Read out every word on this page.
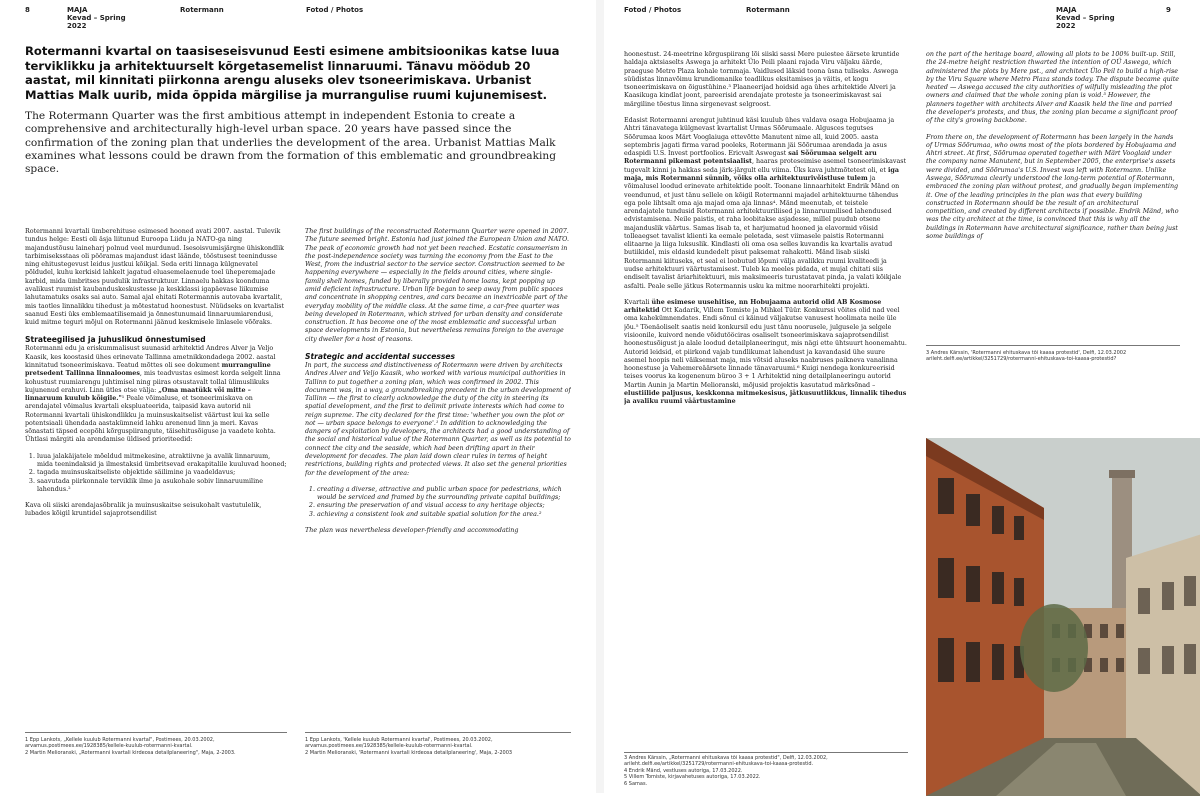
8	MAJA
Kevad – Spring
2022
Rotermann	Fotod / Photos

Rotermanni kvartal on taasiseseisvunud Eesti esimene ambitsioonikas katse luua terviklikku ja arhitektuurselt kõrgetasemelist linnaruumi. Tänavu möödub 20 aastat, mil kinnitati piirkonna arengu aluseks olev tsoneerimiskava. Urbanist Mattias Malk uurib, mida õppida märgilise ja murrangulise ruumi kujunemisest.

The Rotermann Quarter was the first ambitious attempt in independent Estonia to create a comprehensive and architecturally high-level urban space. 20 years have passed since the confirmation of the zoning plan that underlies the development of the area. Urbanist Mattias Malk examines what lessons could be drawn from the formation of this emblematic and groundbreaking space.

Rotermanni kvartali ümberehituse esimesed hooned avati 2007. aastal. Tulevik tundus helge: Eesti oli äsja liitunud Euroopa Liidu ja NATO-ga ning majandustõusu laineharj polnud veel murdunud. Isesoisvumisjärgne ühiskondlik tarbimiseksstaas oli pööramas majandust idast läände, tööstusest teenindusse ning ehitustegevust leidus justkui kõikjal. Seda eriti linnaga külgnevatel põldudel, kuhu kerkisid lahkelt jagatud eluasemelaenude toel üheperemajade karbid, mida ümbritses puudulik infrastruktuur. Linnaelu hakkas koonduma avalikust ruumist kaubanduskeskustesse ja keskklassi igapäevase liikumise lahutamatuks osaks sai auto. Samal ajal ehitati Rotermannis autovaba kvartalit, mis taotles linnalikku tihedust ja mõtestatud hoonestust. Nüüdseks on kvartalist saanud Eesti üks emblemaatilisemaid ja õnnestunumaid linnaruumiarendusi, kuid mitme teguri mõjul on Rotermanni jäänud keskmisele linlasele võõraks.

Strateegilised ja juhuslikud õnnestumised

Rotermanni edu ja eriskummalisust suunasid arhitektid Andres Alver ja Veljo Kaasik, kes koostasid ühes erinevate Tallinna ametnikkondadega 2002. aastal kinnitatud tsoneerimiskava. Teatud mõttes oli see dokument murranguline pretsedent Tallinna linnaloomes, mis teadvustas esimest korda selgelt linna kohustust ruumiarengu juhtimisel ning piiras otsustavalt tollal ülimuslikuks kujunenud erahuvi. Linn ütles otse välja: „Oma maatükk või mitte – linnaruum kuulub kõigile."¹ Peale võimaluse, et tsoneerimiskava on arendajatel võimalus kvartali ekspluateerida, taipasid kava autorid nii Rotermanni kvartali ühiskondlikku ja muinsuskaitselist väärtust kui ka selle potentsiaali ühendada aastakümneid lahku arenenud linn ja meri. Kavas sõnastati täpsed ecepõhi kõrguspiirangute, täisehitusõiguse ja vaadete kohta. Ühtlasi märgiti ala arendamise üldised prioriteedid:

1. luua jalakäijatele mõeldud mitmekesine, atraktiivne ja avalik linnaruum, mida teenindaksid ja ilmestaksid ümbritsevad erakapitalile kuuluvad hooned;
2. tagada muinsuskaitseliste objektide säilimine ja vaadeldavus;
3. saavutada piirkonnale terviklik ilme ja asukohale sobiv linnaruumiline lahendus.²

Kava oli siiski arendajasõbralik ja muinsuskaitse seisukohalt vastutulelik, lubades kõigil kruntidel sajaprotsendilist

1 Epp Lankots, „Kellele kuulub Rotermanni kvartal", Postimees, 20.03.2002, arvamus.postimees.ee/1928385/kellele-kuulub-rotermanni-kvartal.
2 Martin Melioranski, „Rotermanni kvartali kirdeosa detailplaneering", Maja, 2-2003.

The first buildings of the reconstructed Rotermann Quarter were opened in 2007. The future seemed bright. Estonia had just joined the European Union and NATO. The peak of economic growth had not yet been reached. Ecstatic consumerism in the post-independence society was turning the economy from the East to the West, from the industrial sector to the service sector. Construction seemed to be happening everywhere — especially in the fields around cities, where single-family shell homes, funded by liberally provided home loans, kept popping up amid deficient infrastructure. Urban life began to seep away from public spaces and concentrate in shopping centres, and cars became an inextricable part of the everyday mobility of the middle class. At the same time, a car-free quarter was being developed in Rotermann, which strived for urban density and considerate construction. It has become one of the most emblematic and successful urban space developments in Estonia, but nevertheless remains foreign to the average city dweller for a host of reasons.

Strategic and accidental successes

In part, the success and distinctiveness of Rotermann were driven by architects Andres Alver and Veljo Kaasik, who worked with various municipal authorities in Tallinn to put together a zoning plan, which was confirmed in 2002. This document was, in a way, a groundbreaking precedent in the urban development of Tallinn — the first to clearly acknowledge the duty of the city in steering its spatial development, and the first to delimit private interests which had come to reign supreme. The city declared for the first time: 'whether you own the plot or not — urban space belongs to everyone'.¹ In addition to acknowledging the dangers of exploitation by developers, the architects had a good understanding of the social and historical value of the Rotermann Quarter, as well as its potential to connect the city and the seaside, which had been drifting apart in their development for decades. The plan laid down clear rules in terms of height restrictions, building rights and protected views. It also set the general priorities for the development of the area:

1. creating a diverse, attractive and public urban space for pedestrians, which would be serviced and framed by the surrounding private capital buildings;
2. ensuring the preservation of and visual access to any heritage objects;
3. achieving a consistent look and suitable spatial solution for the area.²

The plan was nevertheless developer-friendly and accommodating

1 Epp Lankots, 'Kellele kuulub Rotermanni kvartal', Postimees, 20.03.2002, arvamus.postimees.ee/1928385/kellele-kuulub-rotermanni-kvartal.
2 Martin Melioranski, 'Rotermanni kvartali kirdeosa detailplaneering', Maja, 2-2003
Fotod / Photos	Rotermann	MAJA
Kevad – Spring
2022
9

hoonestust. 24-meetrine kõrguspiirang lõi siiski sassi Mere puiestee äärsete kruntide haldaja aktsiaselts Aswega ja arhitekt Ülo Peili plaani rajada Viru väljaku äärde, praeguse Metro Plaza kohale tornmaja. Vaidlused läksid toona üsna tuliseks. Aswega süüdistas linnavõimu krundiomanike teadlikus eksitamises ja väitis, et kogu tsoneerimiskava on õigustühine.³ Plaaneerijad hoidsid aga ühes arhitektide Alveri ja Kaasikuga kindlat joont, pareerisid arendajate proteste ja tsoneerimiskavast sai märgiline tõestus linna sirgenevast selgroost.

Edasist Rotermanni arengut juhtinud käsi kuulub ühes valdava osaga Hobujaama ja Ahtri tänavatega külgnevast kvartalist Urmas Sõõrumaale. Algusces tegutses Sõõrumaa koos Märt Vooglaiuga ettevõtte Manutent nime all, kuid 2005. aasta septembris jagati firma varad pooleks, Rotermann jäi Sõõrumaa arendada ja asus edaspidi U.S. Invest portfoolios. Ericvalt Aswegast sai Sõõrumaa selgelt aru Rotermanni pikemast potentsiaalist, haaras proteseimise asemel tsoneerimiskavast tugevalt kinni ja hakkas seda järk-järgult ellu viima. Üks kava juhtmõtetest oli, et iga maja, mis Rotermanni sünnib, võiks olla arhitektuurivõistluse tulem ja võimalusel loodud erinevate arhitektide poolt. Toonane linnaarhitekt Endrik Mänd on veendunud, et just tänu sellele on kõigil Rotermanni majadel arhitektuurne tähendus ega pole lihtsalt oma aja majad oma aja linnas⁴. Mänd meenutab, et teistele arendajatele tundusid Rotermanni arhitektuuriliised ja linnaruumilised lahendused edvistamisena. Neile paistis, et raha loobitakse asjadesse, millel puudub otsene majanduslik väärtus. Samas lisab ta, et harjumatud hooned ja elavormid võisid tolleaegset tavalist klienti ka eemale peletada, sest viimasele paistis Rotermanni elitaarne ja liiga luksuslik. Kindlasti oli oma osa selles kuvandis ka kvartalis avatud butiikidel, mis eldasid kundedelt pisut paksemat rahakotti. Mänd lisab siiski Rotermanni kiituseks, et seal ei loobutud lõpuni välja avalikku ruumi kvaliteedi ja uudse arhitektuuri väärtustamisest. Tuleb ka meeles pidada, et mujal chitati siis endiselt tavalist äriarhitektuuri, mis maksimeeris turustatavat pinda, ja valati kõikjale asfalti. Peale selle jätkus Rotermannis usku ka mitme noorarhitekti projekti.

Kvartali ühe esimese uusehitise, nn Hobujaama autorid olid AB Kosmose arhitektid Ott Kadarik, Villem Tomiste ja Mihkel Tüür. Konkurssi võites olid nad veel oma kahekümnendates. Endi sõnul ci käinud väljakutse vanusest hoolimata neile üle jõu.⁵ Töenäoliselt saatis neid konkursil edu just tänu noorusele, julgusele ja selgele visioonile, kuivord nende võidutööciras osaliselt tsoneerimiskava sajaprotsendilist hoonestusõigust ja alale loodud detailplaneeringut, mis nägi ette ühtsuurt hoonemahtu. Autorid leidsid, et piirkond vajab tundlikumat lahendust ja kavandasid ühe suure asemel hoopis neli väiksemat maja, mis võtsid aluseks naabruses paikneva vanalinna hoonestuse ja Vahemereäärsete linnade tänavaruumi.⁶ Kuigi nendega konkureerisid teises voorus ka kogenenum büroo 3 + 1 Arhitektid ning detailplaneeringu autorid Martin Aunin ja Martin Melioranski, mõjusid projektis kasutatud märksõnad – elustiilide paljusus, keskkonna mitmekesisus, jätkusuutlikkus, linnalik tihedus ja avaliku ruumi väärtustamine

3 Andres Kärssin, „Rotermanni ehituskava tõi kaasa protestid", Delfi, 12.03.2002, arileht.delfi.ee/artikkel/3251729/rotermanni-ehituskava-toi-kaasa-protestid.
4 Endrik Mänd, vestluses autoriga, 17.03.2022.
5 Villem Tomiste, kirjavahetuses autoriga, 17.03.2022.
6 Samas.

on the part of the heritage board, allowing all plots to be 100% built-up. Still, the 24-metre height restriction thwarted the intention of OÜ Aswega, which administered the plots by Mere pst., and architect Ülo Peil to build a high-rise by the Viru Square where Metro Plaza stands today. The dispute became quite heated — Aswega accused the city authorities of wilfully misleading the plot owners and claimed that the whole zoning plan is void.³ However, the planners together with architects Alver and Kaasik held the line and parried the developer's protests, and thus, the zoning plan became a significant proof of the city's growing backbone.

From there on, the development of Rotermann has been largely in the hands of Urmas Sõõrumaa, who owns most of the plots bordered by Hobujaama and Ahtri street. At first, Sõõrumaa operated together with Märt Vooglaid under the company name Manutent, but in September 2005, the enterprise's assets were divided, and Sõõrumaa's U.S. Invest was left with Rotermann. Unlike Aswega, Sõõrumaa clearly understood the long-term potential of Rotermann, embraced the zoning plan without protest, and gradually began implementing it. One of the leading principles in the plan was that every building constructed in Rotermann should be the result of an architectural competition, and created by different architects if possible. Endrik Mänd, who was the city architect at the time, is convinced that this is why all the buildings in Rotermann have architectural significance, rather than being just some buildings of

3 Andres Kärssin, 'Rotermanni ehituskava tõi kaasa protestid', Delfi, 12.03.2002 arileht.delfi.ee/artikkel/3251729/rotermanni-ehituskava-toi-kaasa-protestid?
